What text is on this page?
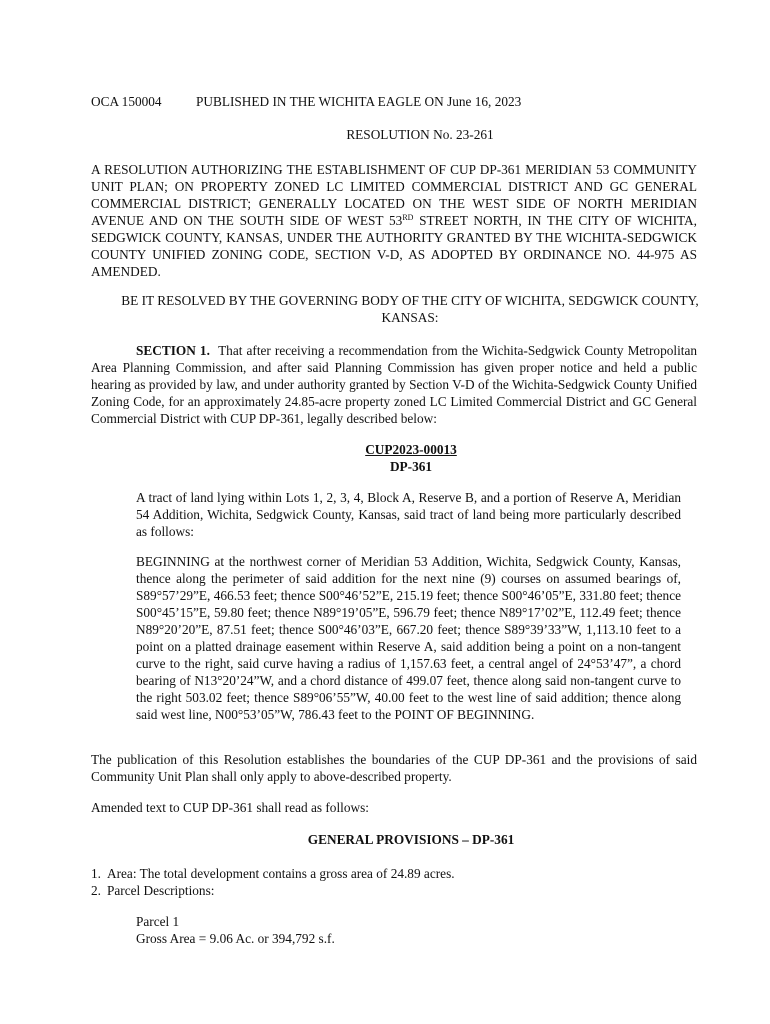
OCA 150004	PUBLISHED IN THE WICHITA EAGLE ON June 16, 2023
RESOLUTION No. 23-261
A RESOLUTION AUTHORIZING THE ESTABLISHMENT OF CUP DP-361 MERIDIAN 53 COMMUNITY UNIT PLAN; ON PROPERTY ZONED LC LIMITED COMMERCIAL DISTRICT AND GC GENERAL COMMERCIAL DISTRICT; GENERALLY LOCATED ON THE WEST SIDE OF NORTH MERIDIAN AVENUE AND ON THE SOUTH SIDE OF WEST 53RD STREET NORTH, IN THE CITY OF WICHITA, SEDGWICK COUNTY, KANSAS, UNDER THE AUTHORITY GRANTED BY THE WICHITA-SEDGWICK COUNTY UNIFIED ZONING CODE, SECTION V-D, AS ADOPTED BY ORDINANCE NO. 44-975 AS AMENDED.
BE IT RESOLVED BY THE GOVERNING BODY OF THE CITY OF WICHITA, SEDGWICK COUNTY, KANSAS:
SECTION 1. That after receiving a recommendation from the Wichita-Sedgwick County Metropolitan Area Planning Commission, and after said Planning Commission has given proper notice and held a public hearing as provided by law, and under authority granted by Section V-D of the Wichita-Sedgwick County Unified Zoning Code, for an approximately 24.85-acre property zoned LC Limited Commercial District and GC General Commercial District with CUP DP-361, legally described below:
CUP2023-00013
DP-361
A tract of land lying within Lots 1, 2, 3, 4, Block A, Reserve B, and a portion of Reserve A, Meridian 54 Addition, Wichita, Sedgwick County, Kansas, said tract of land being more particularly described as follows:
BEGINNING at the northwest corner of Meridian 53 Addition, Wichita, Sedgwick County, Kansas, thence along the perimeter of said addition for the next nine (9) courses on assumed bearings of, S89°57’29”E, 466.53 feet; thence S00°46’52”E, 215.19 feet; thence S00°46’05”E, 331.80 feet; thence S00°45’15”E, 59.80 feet; thence N89°19’05”E, 596.79 feet; thence N89°17’02”E, 112.49 feet; thence N89°20’20”E, 87.51 feet; thence S00°46’03”E, 667.20 feet; thence S89°39’33”W, 1,113.10 feet to a point on a platted drainage easement within Reserve A, said addition being a point on a non-tangent curve to the right, said curve having a radius of 1,157.63 feet, a central angel of 24°53’47”, a chord bearing of N13°20’24”W, and a chord distance of 499.07 feet, thence along said non-tangent curve to the right 503.02 feet; thence S89°06’55”W, 40.00 feet to the west line of said addition; thence along said west line, N00°53’05”W, 786.43 feet to the POINT OF BEGINNING.
The publication of this Resolution establishes the boundaries of the CUP DP-361 and the provisions of said Community Unit Plan shall only apply to above-described property.
Amended text to CUP DP-361 shall read as follows:
GENERAL PROVISIONS – DP-361
1. Area: The total development contains a gross area of 24.89 acres.
2. Parcel Descriptions:
Parcel 1
Gross Area = 9.06 Ac. or 394,792 s.f.
